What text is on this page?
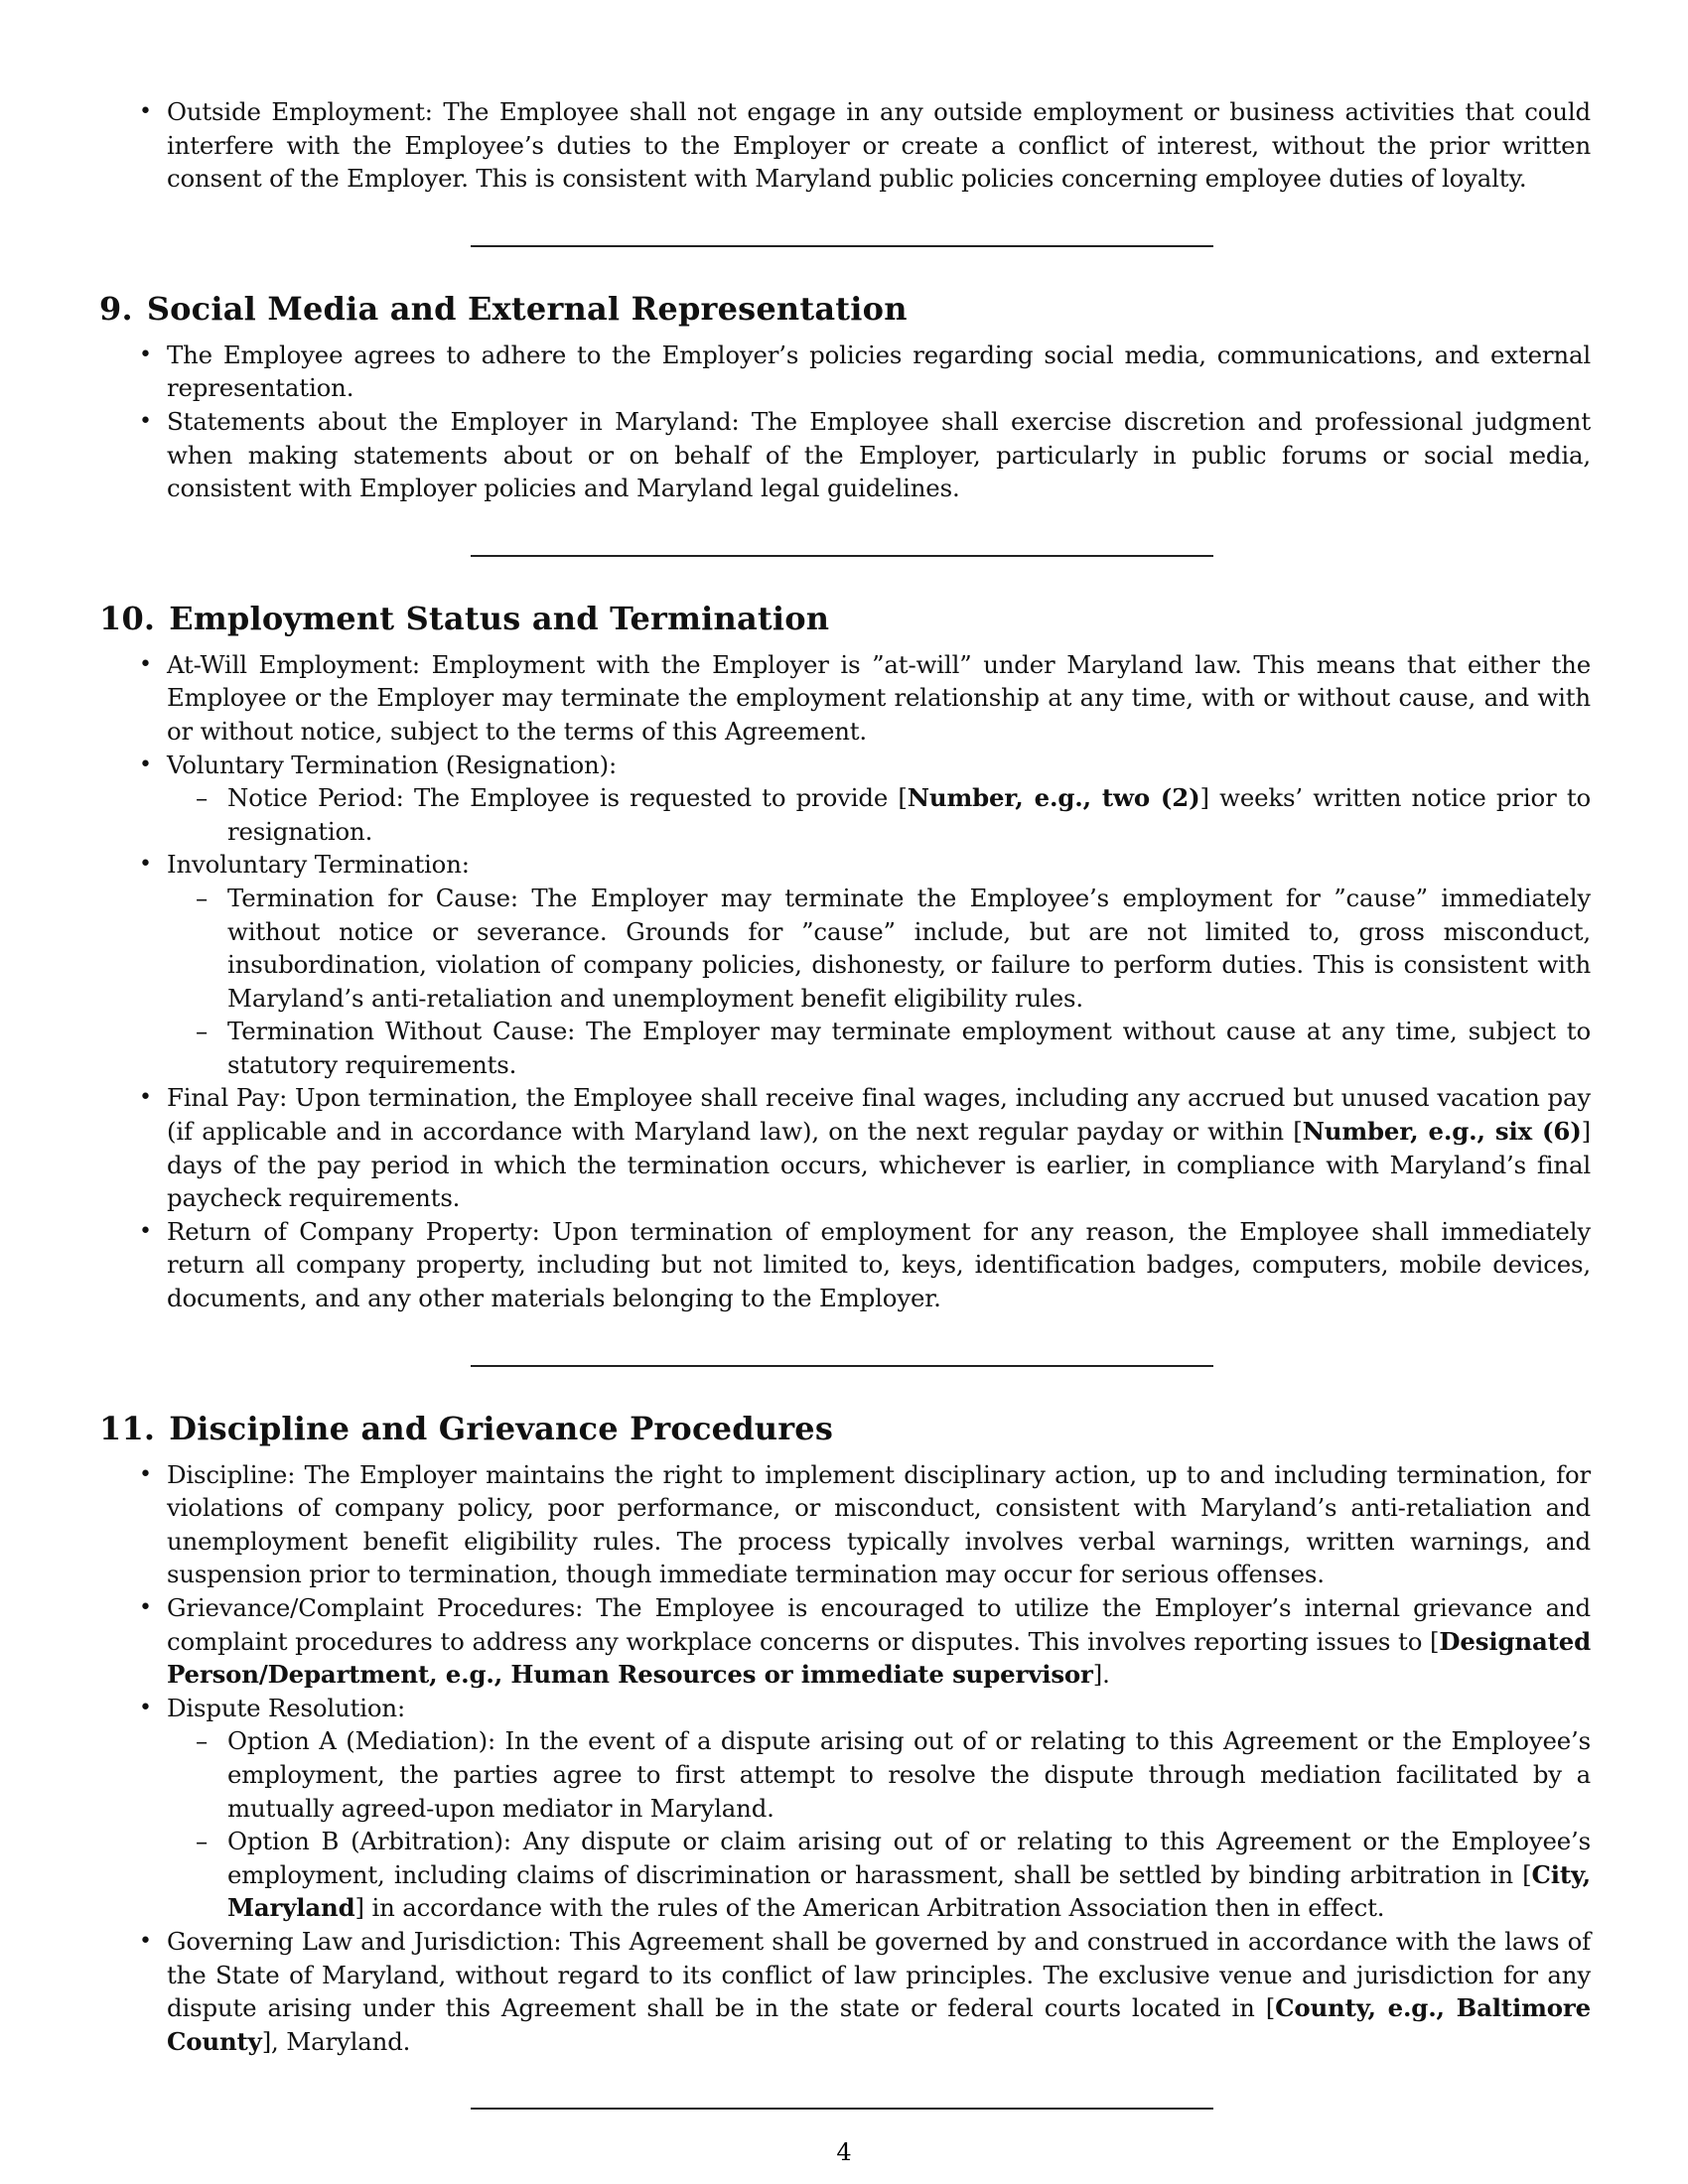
• Outside Employment: The Employee shall not engage in any outside employment or business activities that could interfere with the Employee’s duties to the Employer or create a conflict of interest, without the prior written consent of the Employer. This is consistent with Maryland public policies concerning employee duties of loyalty.
9. Social Media and External Representation
• The Employee agrees to adhere to the Employer’s policies regarding social media, communications, and external representation.
• Statements about the Employer in Maryland: The Employee shall exercise discretion and professional judgment when making statements about or on behalf of the Employer, particularly in public forums or social media, consistent with Employer policies and Maryland legal guidelines.
10. Employment Status and Termination
• At-Will Employment: Employment with the Employer is ”at-will” under Maryland law. This means that either the Employee or the Employer may terminate the employment relationship at any time, with or without cause, and with or without notice, subject to the terms of this Agreement.
• Voluntary Termination (Resignation):
– Notice Period: The Employee is requested to provide [Number, e.g., two (2)] weeks’ written notice prior to resignation.
• Involuntary Termination:
– Termination for Cause: The Employer may terminate the Employee’s employment for ”cause” immediately without notice or severance. Grounds for ”cause” include, but are not limited to, gross misconduct, insubordination, violation of company policies, dishonesty, or failure to perform duties. This is consistent with Maryland’s anti-retaliation and unemployment benefit eligibility rules.
– Termination Without Cause: The Employer may terminate employment without cause at any time, subject to statutory requirements.
• Final Pay: Upon termination, the Employee shall receive final wages, including any accrued but unused vacation pay (if applicable and in accordance with Maryland law), on the next regular payday or within [Number, e.g., six (6)] days of the pay period in which the termination occurs, whichever is earlier, in compliance with Maryland’s final paycheck requirements.
• Return of Company Property: Upon termination of employment for any reason, the Employee shall immediately return all company property, including but not limited to, keys, identification badges, computers, mobile devices, documents, and any other materials belonging to the Employer.
11. Discipline and Grievance Procedures
• Discipline: The Employer maintains the right to implement disciplinary action, up to and including termination, for violations of company policy, poor performance, or misconduct, consistent with Maryland’s anti-retaliation and unemployment benefit eligibility rules. The process typically involves verbal warnings, written warnings, and suspension prior to termination, though immediate termination may occur for serious offenses.
• Grievance/Complaint Procedures: The Employee is encouraged to utilize the Employer’s internal grievance and complaint procedures to address any workplace concerns or disputes. This involves reporting issues to [Designated Person/Department, e.g., Human Resources or immediate supervisor].
• Dispute Resolution:
– Option A (Mediation): In the event of a dispute arising out of or relating to this Agreement or the Employee’s employment, the parties agree to first attempt to resolve the dispute through mediation facilitated by a mutually agreed-upon mediator in Maryland.
– Option B (Arbitration): Any dispute or claim arising out of or relating to this Agreement or the Employee’s employment, including claims of discrimination or harassment, shall be settled by binding arbitration in [City, Maryland] in accordance with the rules of the American Arbitration Association then in effect.
• Governing Law and Jurisdiction: This Agreement shall be governed by and construed in accordance with the laws of the State of Maryland, without regard to its conflict of law principles. The exclusive venue and jurisdiction for any dispute arising under this Agreement shall be in the state or federal courts located in [County, e.g., Baltimore County], Maryland.
4
